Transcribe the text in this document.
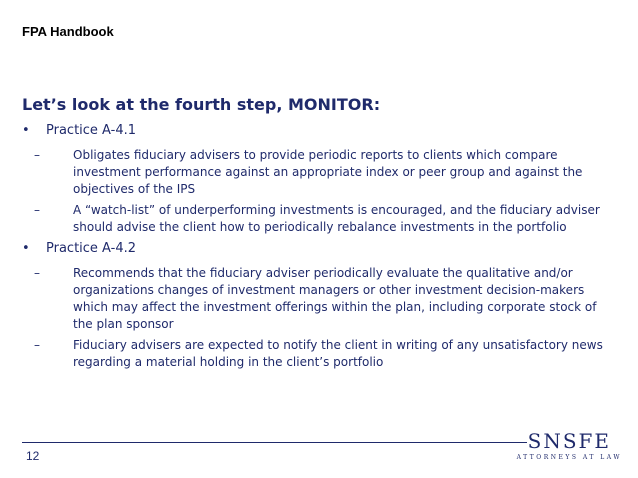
FPA Handbook
Let’s look at the fourth step, MONITOR:
•	Practice A-4.1
–	Obligates fiduciary advisers to provide periodic reports to clients which compare investment performance against an appropriate index or peer group and against the objectives of the IPS
–	A “watch-list” of underperforming investments is encouraged, and the fiduciary adviser should advise the client how to periodically rebalance investments in the portfolio
•	Practice A-4.2
–	Recommends that the fiduciary adviser periodically evaluate the qualitative and/or organizations changes of investment managers or other investment decision-makers which may affect the investment offerings within the plan, including corporate stock of the plan sponsor
–	Fiduciary advisers are expected to notify the client in writing of any unsatisfactory news regarding a material holding in the client’s portfolio
12
SNSFE
ATTORNEYS AT LAW
